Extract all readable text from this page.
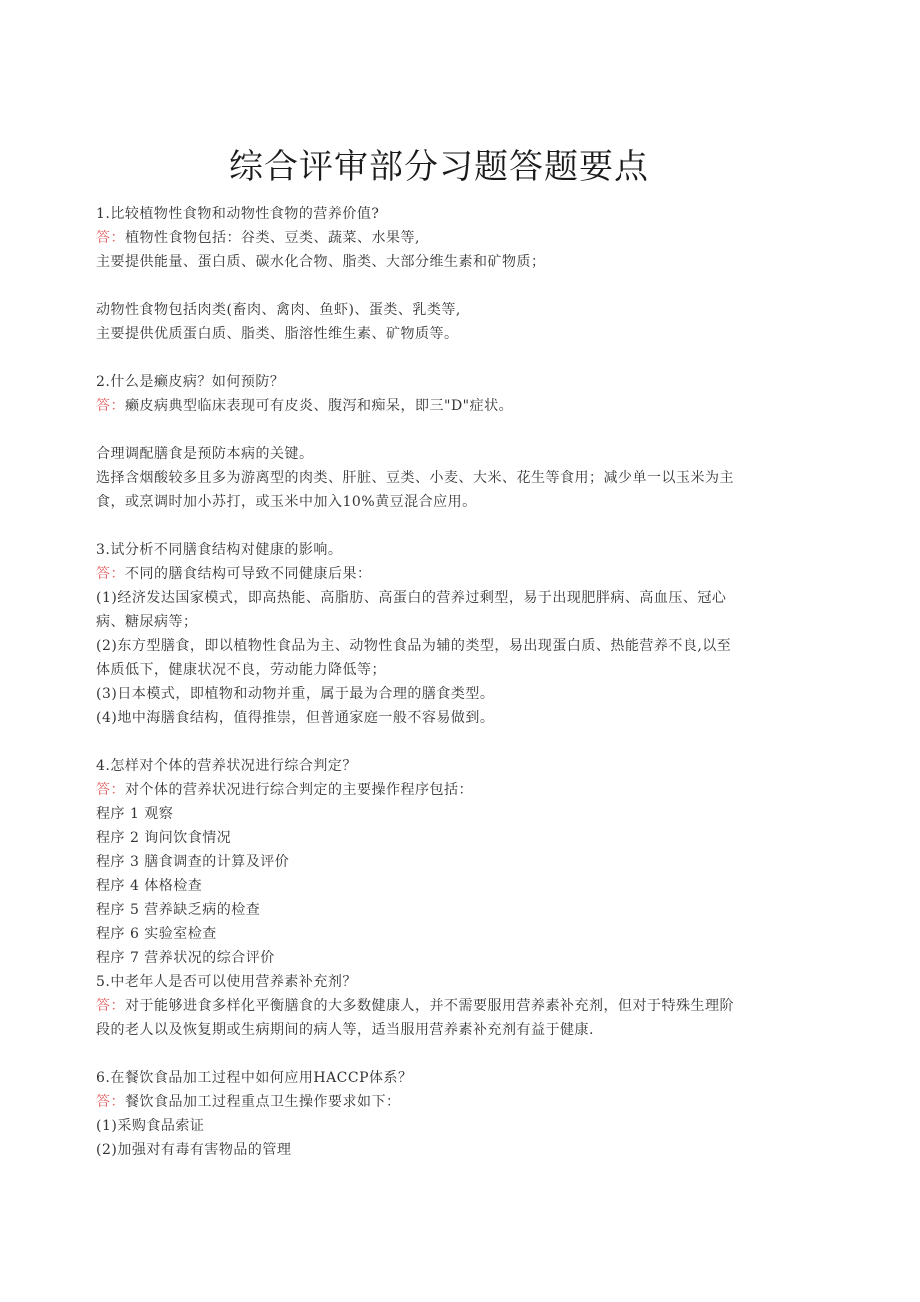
综合评审部分习题答题要点

1.比较植物性食物和动物性食物的营养价值?

答：植物性食物包括：谷类、豆类、蔬菜、水果等,

主要提供能量、蛋白质、碳水化合物、脂类、大部分维生素和矿物质；

动物性食物包括肉类(畜肉、禽肉、鱼虾)、蛋类、乳类等,

主要提供优质蛋白质、脂类、脂溶性维生素、矿物质等。

2.什么是癞皮病？如何预防？

答：癞皮病典型临床表现可有皮炎、腹泻和痴呆，即三"D"症状。

合理调配膳食是预防本病的关键。

选择含烟酸较多且多为游离型的肉类、肝脏、豆类、小麦、大米、花生等食用；减少单一以玉米为主

食，或烹调时加小苏打，或玉米中加入10%黄豆混合应用。

3.试分析不同膳食结构对健康的影响。

答：不同的膳食结构可导致不同健康后果：

(1)经济发达国家模式，即高热能、高脂肪、高蛋白的营养过剩型，易于出现肥胖病、高血压、冠心

病、糖尿病等；

(2)东方型膳食，即以植物性食品为主、动物性食品为辅的类型，易出现蛋白质、热能营养不良,以至

体质低下，健康状况不良，劳动能力降低等；

(3)日本模式，即植物和动物并重，属于最为合理的膳食类型。

(4)地中海膳食结构，值得推崇，但普通家庭一般不容易做到。

4.怎样对个体的营养状况进行综合判定？

答：对个体的营养状况进行综合判定的主要操作程序包括：

程序 1 观察

程序 2 询问饮食情况

程序 3 膳食调查的计算及评价

程序 4 体格检查

程序 5 营养缺乏病的检查

程序 6 实验室检查

程序 7 营养状况的综合评价

5.中老年人是否可以使用营养素补充剂？

答：对于能够进食多样化平衡膳食的大多数健康人，并不需要服用营养素补充剂，但对于特殊生理阶

段的老人以及恢复期或生病期间的病人等，适当服用营养素补充剂有益于健康.

6.在餐饮食品加工过程中如何应用HACCP体系？

答：餐饮食品加工过程重点卫生操作要求如下：

(1)采购食品索证

(2)加强对有毒有害物品的管理
